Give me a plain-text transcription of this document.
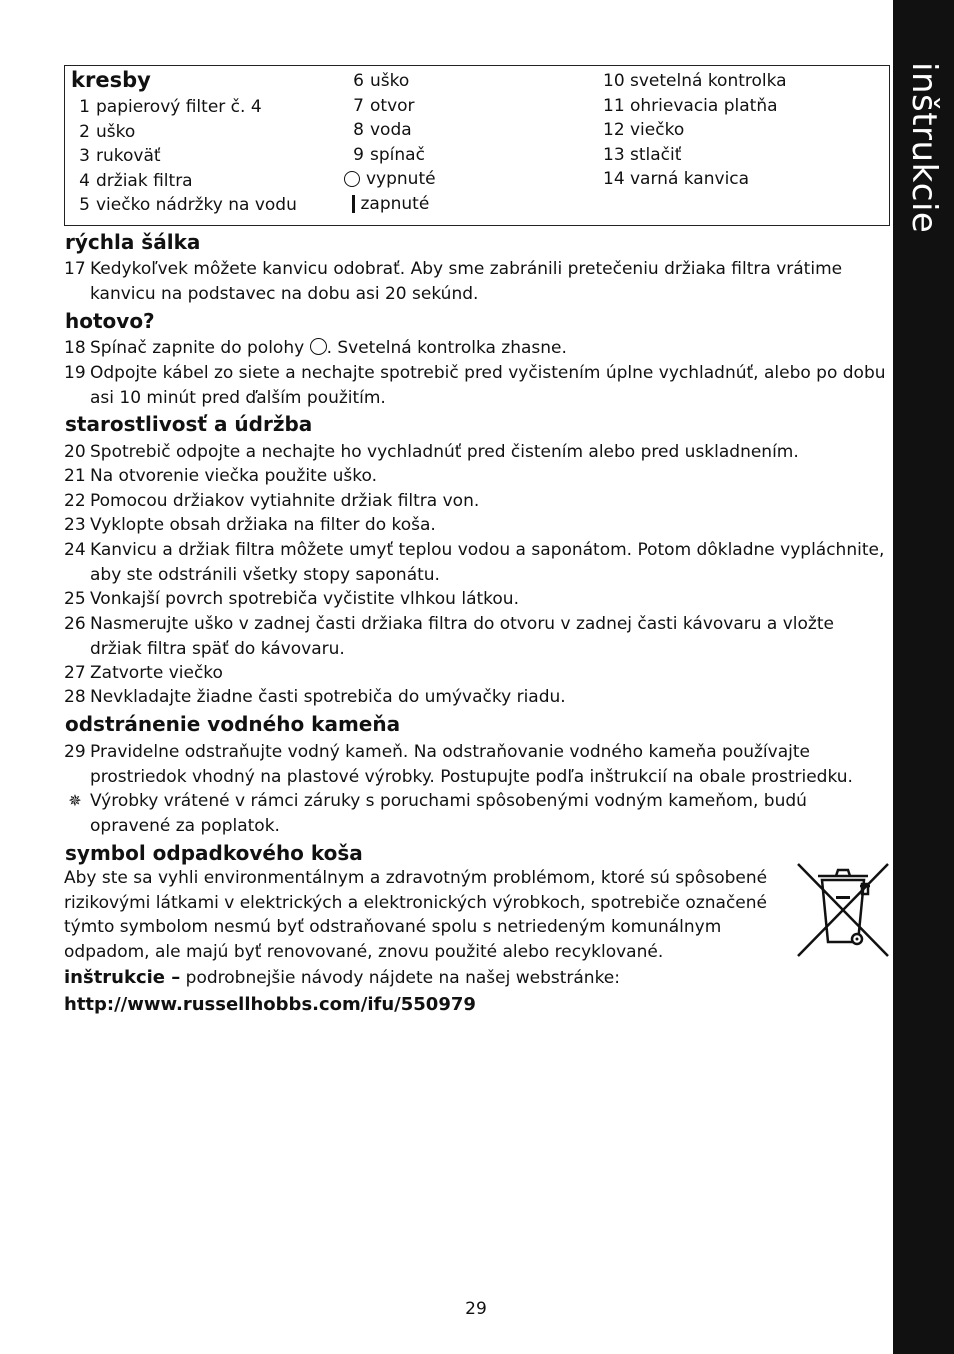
inštrukcie
kresby
1 papierový filter č. 4
2 uško
3 rukoväť
4 držiak filtra
5 viečko nádržky na vodu
6 uško
7 otvor
8 voda
9 spínač
vypnuté
zapnuté
10 svetelná kontrolka
11 ohrievacia platňa
12 viečko
13 stlačiť
14 varná kanvica
rýchla šálka
17 Kedykoľvek môžete kanvicu odobrať. Aby sme zabránili pretečeniu držiaka filtra vrátime kanvicu na podstavec na dobu asi 20 sekúnd.
hotovo?
18 Spínač zapnite do polohy . Svetelná kontrolka zhasne.
19 Odpojte kábel zo siete a nechajte spotrebič pred vyčistením úplne vychladnúť, alebo po dobu asi 10 minút pred ďalším použitím.
starostlivosť a údržba
20 Spotrebič odpojte a nechajte ho vychladnúť pred čistením alebo pred uskladnením.
21 Na otvorenie viečka použite uško.
22 Pomocou držiakov vytiahnite držiak filtra von.
23 Vyklopte obsah držiaka na filter do koša.
24 Kanvicu a držiak filtra môžete umyť teplou vodou a saponátom. Potom dôkladne vypláchnite, aby ste odstránili všetky stopy saponátu.
25 Vonkajší povrch spotrebiča vyčistite vlhkou látkou.
26 Nasmerujte uško v zadnej časti držiaka filtra do otvoru v zadnej časti kávovaru a vložte držiak filtra späť do kávovaru.
27 Zatvorte viečko
28 Nevkladajte žiadne časti spotrebiča do umývačky riadu.
odstránenie vodného kameňa
29 Pravidelne odstraňujte vodný kameň. Na odstraňovanie vodného kameňa používajte prostriedok vhodný na plastové výrobky. Postupujte podľa inštrukcií na obale prostriedku.
✵ Výrobky vrátené v rámci záruky s poruchami spôsobenými vodným kameňom, budú opravené za poplatok.
symbol odpadkového koša
Aby ste sa vyhli environmentálnym a zdravotným problémom, ktoré sú spôsobené rizikovými látkami v elektrických a elektronických výrobkoch, spotrebiče označené týmto symbolom nesmú byť odstraňované spolu s netriedeným komunálnym odpadom, ale majú byť renovované, znovu použité alebo recyklované.
inštrukcie – podrobnejšie návody nájdete na našej webstránke:
http://www.russellhobbs.com/ifu/550979
29
